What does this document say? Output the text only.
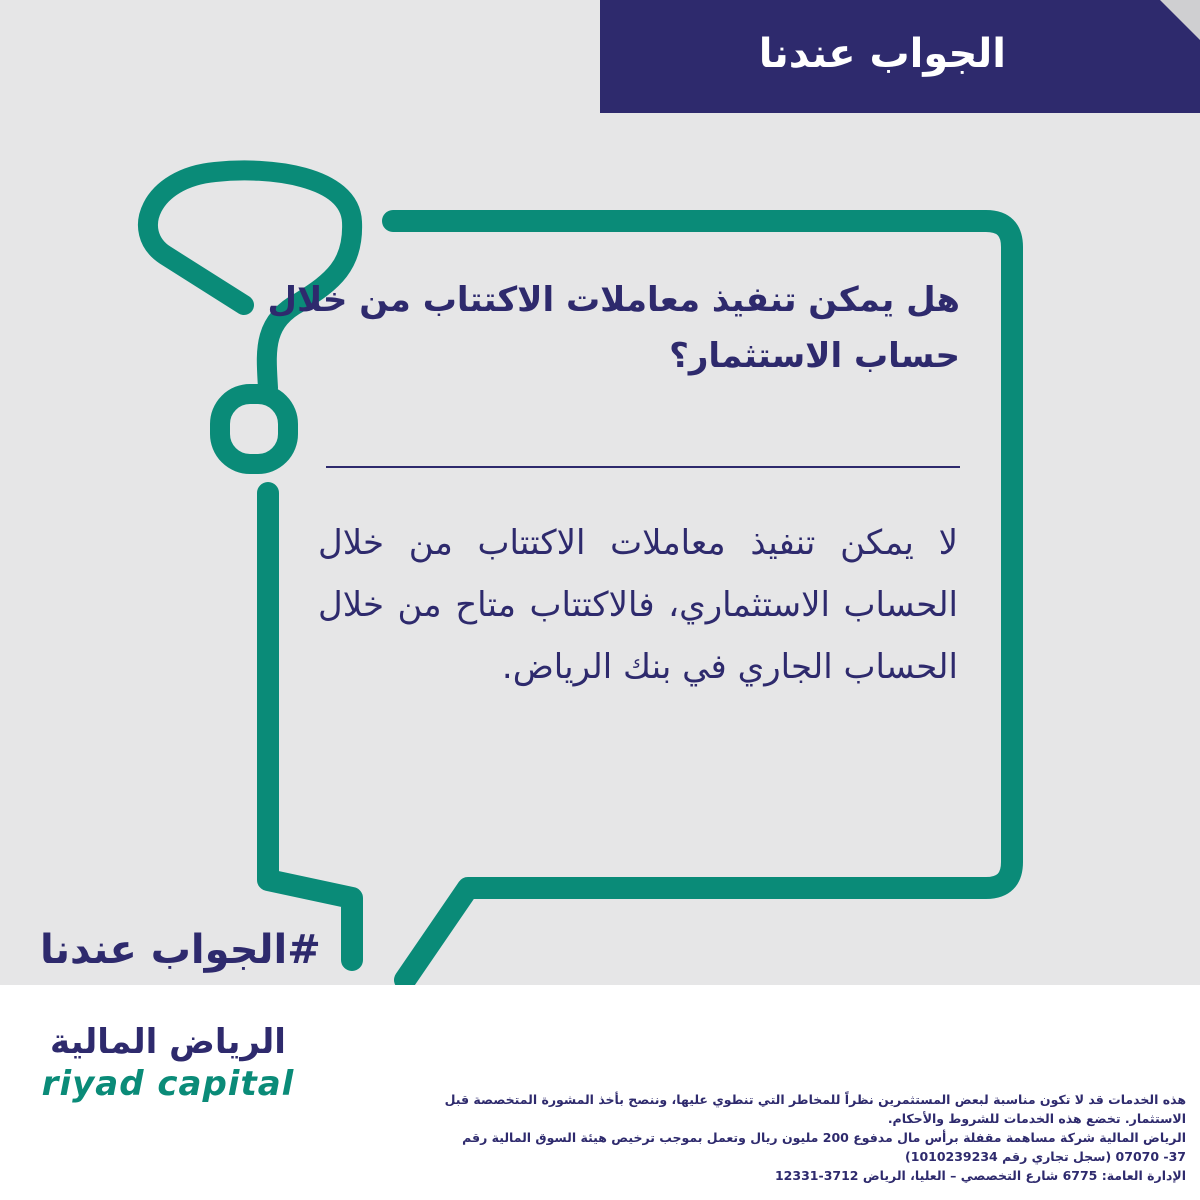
الجواب عندنا
هل يمكن تنفيذ معاملات الاكتتاب من خلال حساب الاستثمار؟
لا يمكن تنفيذ معاملات الاكتتاب من خلال الحساب الاستثماري، فالاكتتاب متاح من خلال الحساب الجاري في بنك الرياض.
#الجواب عندنا
الرياض المالية
riyad capital	هذه الخدمات قد لا تكون مناسبة لبعض المستثمرين نظراً للمخاطر التي تنطوي عليها، وننصح بأخذ المشورة المتخصصة قبل
الاستثمار. تخضع هذه الخدمات للشروط والأحكام.
الرياض المالية شركة مساهمة مقفلة برأس مال مدفوع 200 مليون ريال وتعمل بموجب ترخيص هيئة السوق المالية رقم
37- 07070 (سجل تجاري رقم 1010239234)
الإدارة العامة: 6775 شارع التخصصي – العليا، الرياض 3712-12331
